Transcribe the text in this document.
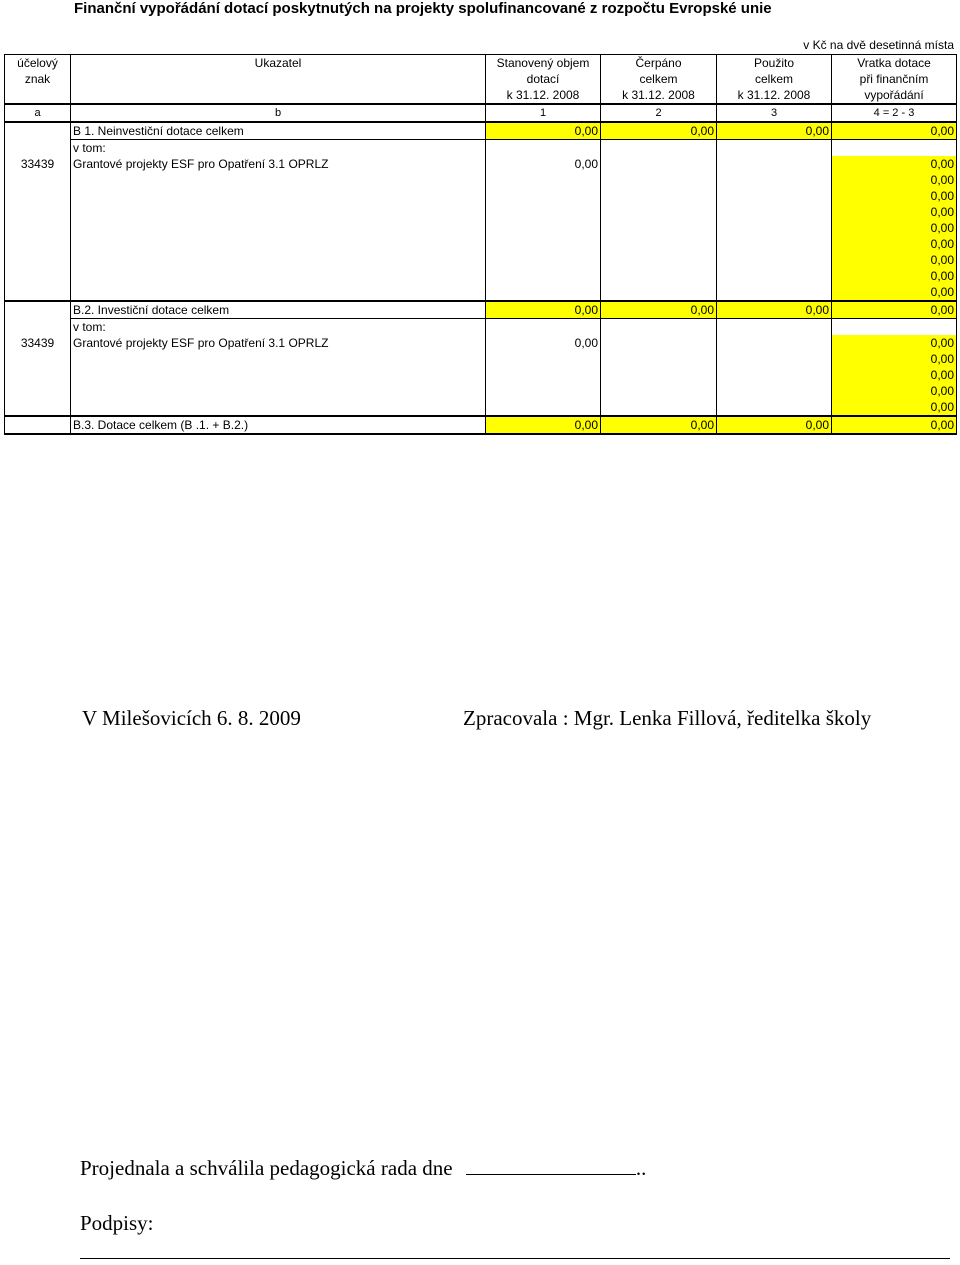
Finanční vypořádání dotací poskytnutých na projekty spolufinancované z rozpočtu Evropské unie
v Kč na dvě desetinná místa
účelový	Ukazatel	Stanovený objem	Čerpáno	Použito	Vratka dotace
znak		dotací	celkem	celkem	při finančním
		k 31.12. 2008	k 31.12. 2008	k 31.12. 2008	vypořádání
a	b	1	2	3	4 = 2 - 3
	B 1. Neinvestiční dotace celkem	0,00	0,00	0,00	0,00
	v tom:				
33439	Grantové projekty ESF pro Opatření 3.1 OPRLZ	0,00			0,00
					0,00
					0,00
					0,00
					0,00
					0,00
					0,00
					0,00
					0,00
	B.2. Investiční dotace celkem	0,00	0,00	0,00	0,00
	v tom:				
33439	Grantové projekty ESF pro Opatření 3.1 OPRLZ	0,00			0,00
					0,00
					0,00
					0,00
					0,00
	B.3. Dotace celkem (B .1. + B.2.)	0,00	0,00	0,00	0,00
V Milešovicích 6. 8. 2009	Zpracovala : Mgr. Lenka Fillová, ředitelka školy
Projednala a schválila pedagogická rada dne	..
Podpisy:
